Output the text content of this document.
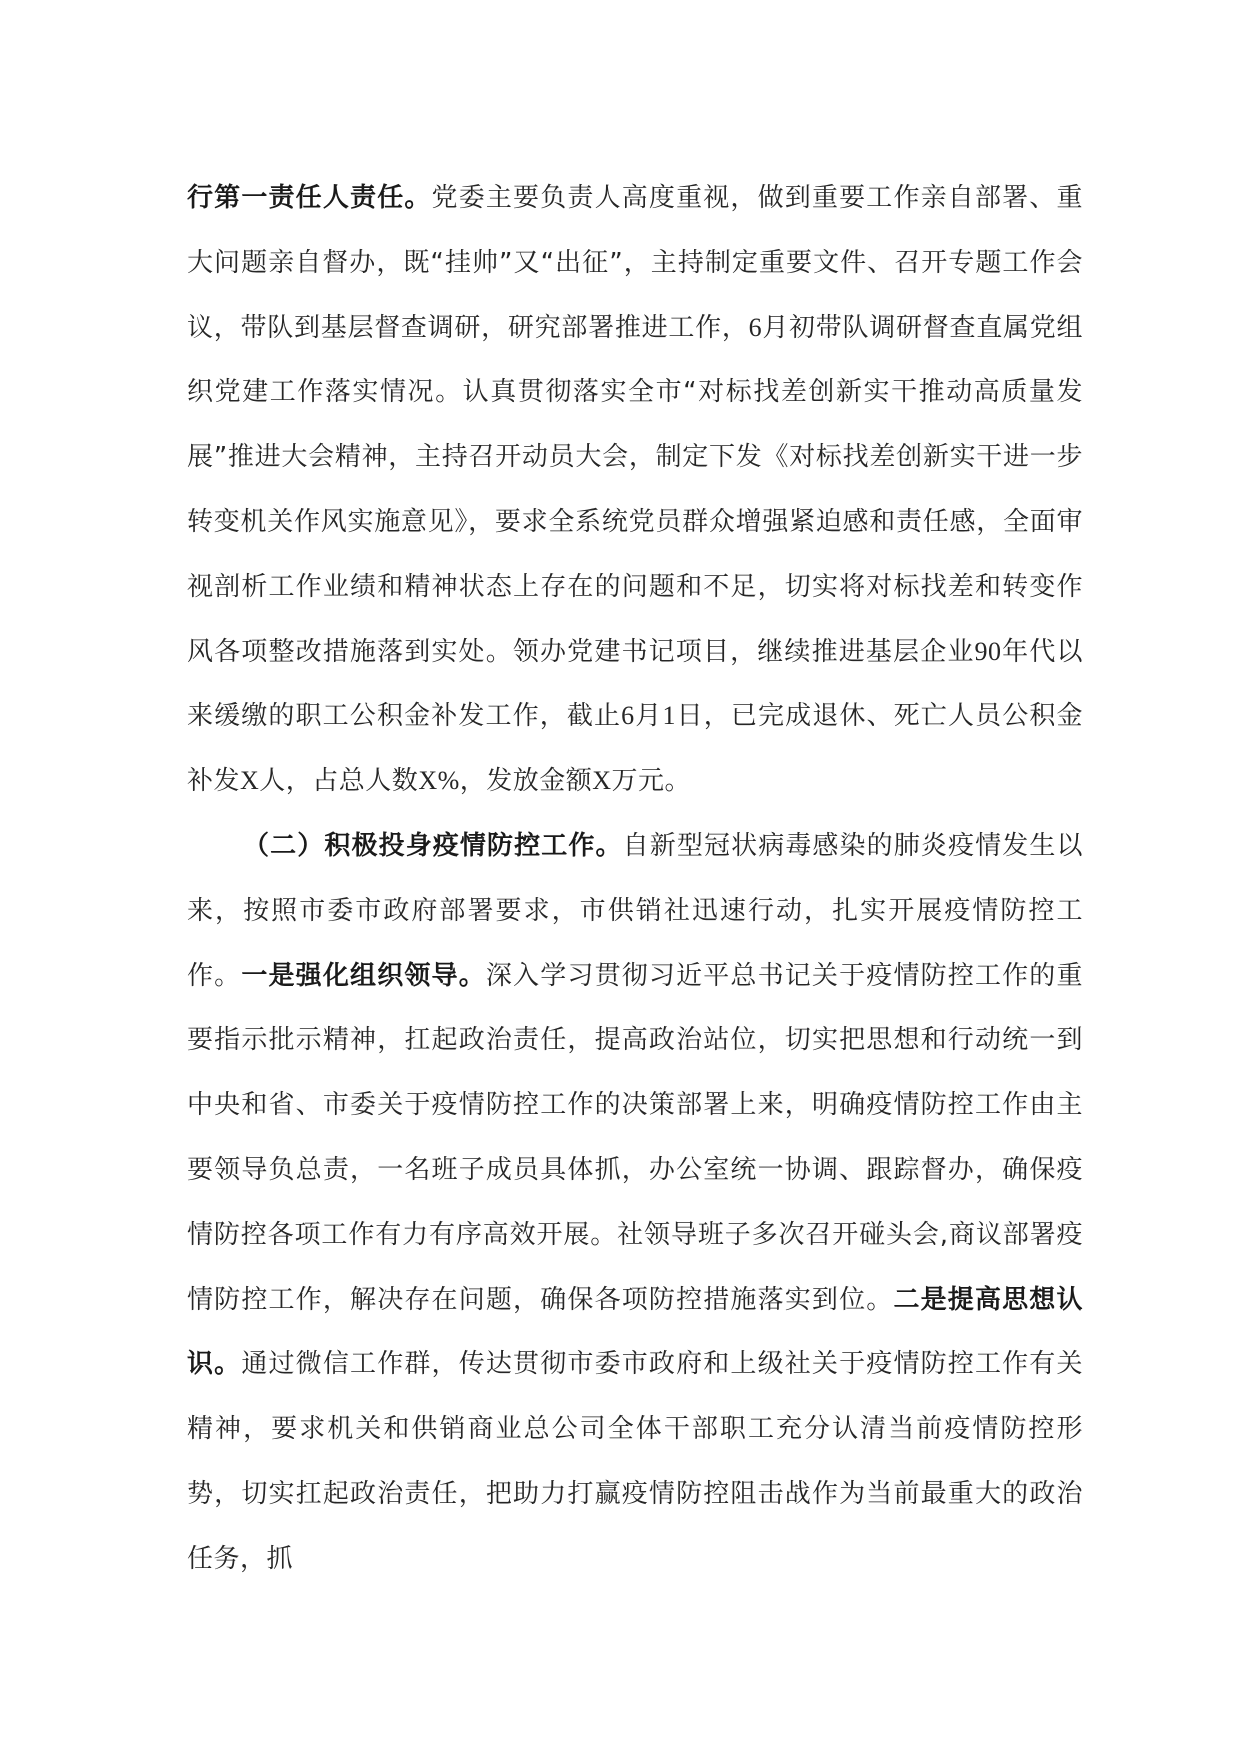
行第一责任人责任。党委主要负责人高度重视，做到重要工作亲自部署、重大问题亲自督办，既“挂帅”又“出征”，主持制定重要文件、召开专题工作会议，带队到基层督查调研，研究部署推进工作，6月初带队调研督查直属党组织党建工作落实情况。认真贯彻落实全市“对标找差创新实干推动高质量发展”推进大会精神，主持召开动员大会，制定下发《对标找差创新实干进一步转变机关作风实施意见》，要求全系统党员群众增强紧迫感和责任感，全面审视剖析工作业绩和精神状态上存在的问题和不足，切实将对标找差和转变作风各项整改措施落到实处。领办党建书记项目，继续推进基层企业90年代以来缓缴的职工公积金补发工作，截止6月1日，已完成退休、死亡人员公积金补发X人，占总人数X%，发放金额X万元。

（二）积极投身疫情防控工作。自新型冠状病毒感染的肺炎疫情发生以来，按照市委市政府部署要求，市供销社迅速行动，扎实开展疫情防控工作。一是强化组织领导。深入学习贯彻习近平总书记关于疫情防控工作的重要指示批示精神，扛起政治责任，提高政治站位，切实把思想和行动统一到中央和省、市委关于疫情防控工作的决策部署上来，明确疫情防控工作由主要领导负总责，一名班子成员具体抓，办公室统一协调、跟踪督办，确保疫情防控各项工作有力有序高效开展。社领导班子多次召开碰头会,商议部署疫情防控工作，解决存在问题，确保各项防控措施落实到位。二是提高思想认识。通过微信工作群，传达贯彻市委市政府和上级社关于疫情防控工作有关精神，要求机关和供销商业总公司全体干部职工充分认清当前疫情防控形势，切实扛起政治责任，把助力打赢疫情防控阻击战作为当前最重大的政治任务，抓
